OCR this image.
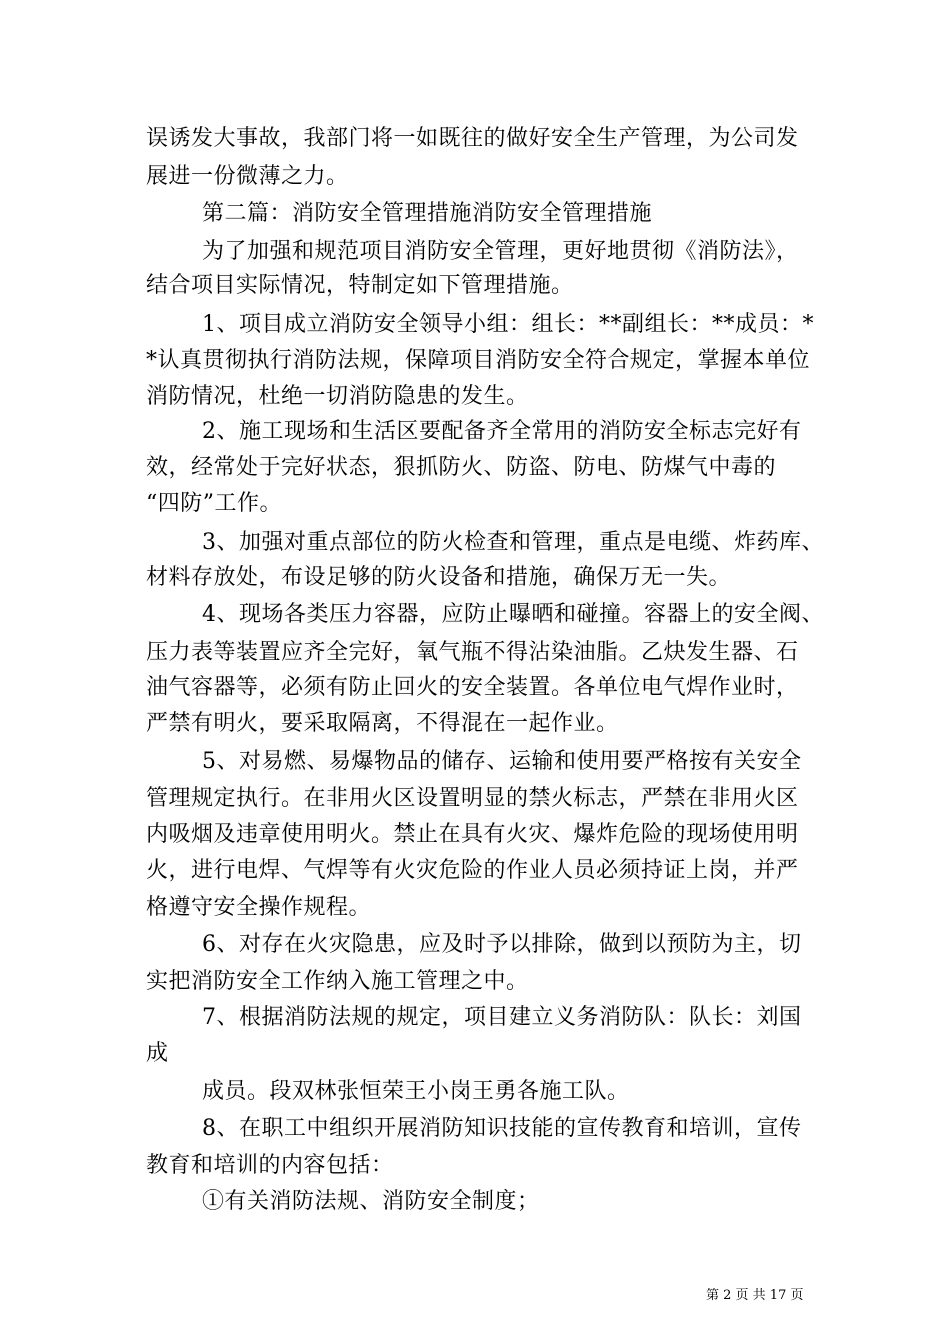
误诱发大事故，我部门将一如既往的做好安全生产管理，为公司发
展进一份微薄之力。
第二篇：消防安全管理措施消防安全管理措施
为了加强和规范项目消防安全管理，更好地贯彻《消防法》，
结合项目实际情况，特制定如下管理措施。
1、项目成立消防安全领导小组：组长：**副组长：**成员：*
*认真贯彻执行消防法规，保障项目消防安全符合规定，掌握本单位
消防情况，杜绝一切消防隐患的发生。
2、施工现场和生活区要配备齐全常用的消防安全标志完好有
效，经常处于完好状态，狠抓防火、防盗、防电、防煤气中毒的
“四防”工作。
3、加强对重点部位的防火检查和管理，重点是电缆、炸药库、
材料存放处，布设足够的防火设备和措施，确保万无一失。
4、现场各类压力容器，应防止曝晒和碰撞。容器上的安全阀、
压力表等装置应齐全完好，氧气瓶不得沾染油脂。乙炔发生器、石
油气容器等，必须有防止回火的安全装置。各单位电气焊作业时，
严禁有明火，要采取隔离，不得混在一起作业。
5、对易燃、易爆物品的储存、运输和使用要严格按有关安全
管理规定执行。在非用火区设置明显的禁火标志，严禁在非用火区
内吸烟及违章使用明火。禁止在具有火灾、爆炸危险的现场使用明
火，进行电焊、气焊等有火灾危险的作业人员必须持证上岗，并严
格遵守安全操作规程。
6、对存在火灾隐患，应及时予以排除，做到以预防为主，切
实把消防安全工作纳入施工管理之中。
7、根据消防法规的规定，项目建立义务消防队：队长：刘国
成
成员。段双林张恒荣王小岗王勇各施工队。
8、在职工中组织开展消防知识技能的宣传教育和培训，宣传
教育和培训的内容包括：
①有关消防法规、消防安全制度；
第 2 页 共 17 页
